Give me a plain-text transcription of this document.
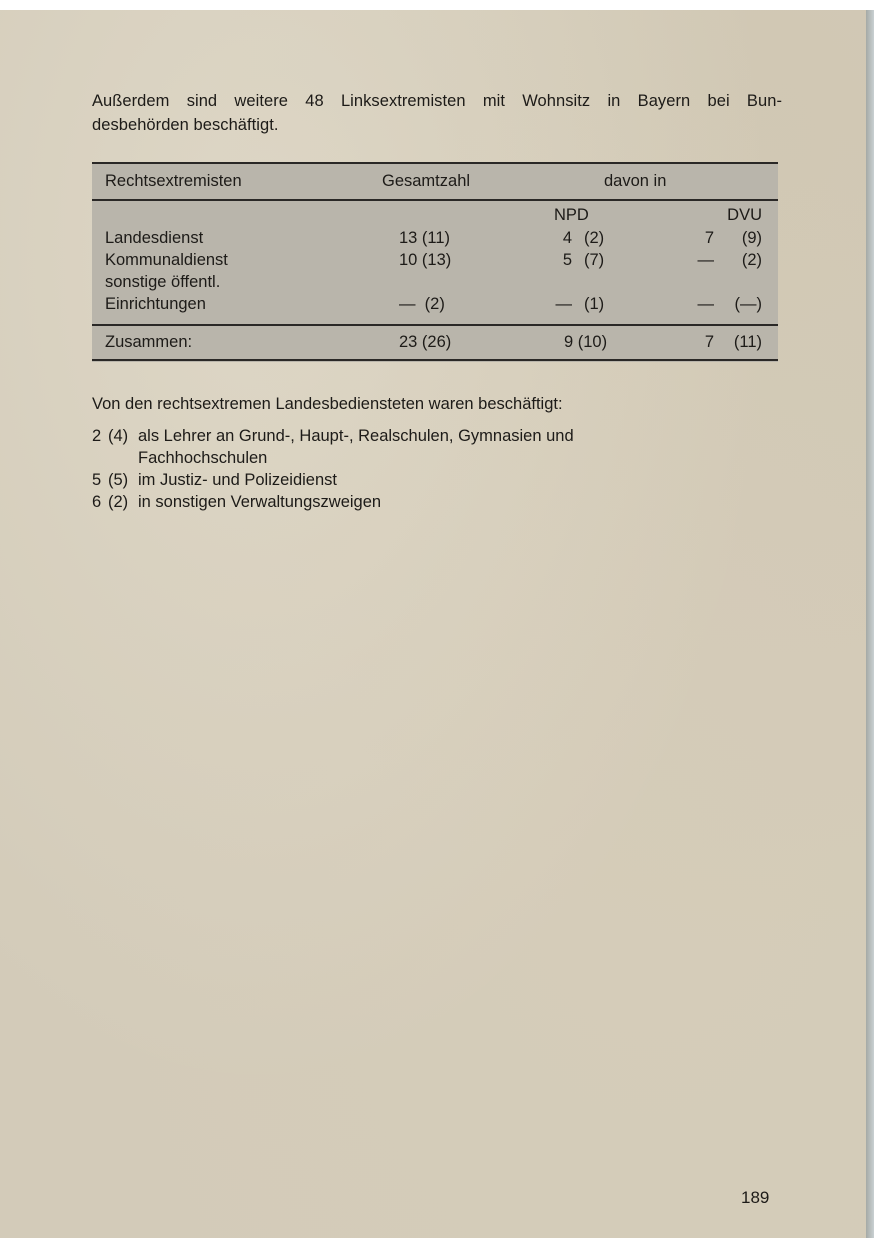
Außerdem sind weitere 48 Linksextremisten mit Wohnsitz in Bayern bei Bun-
desbehörden beschäftigt.
Rechtsextremisten	Gesamtzahl	davon in
NPD	DVU
Landesdienst	13 (11)	4 (2)	7	(9)
Kommunaldienst	10 (13)	5 (7)	—	(2)
sonstige öffentl.
Einrichtungen	—  (2)	— (1)	—	(—)
Zusammen:	23 (26)	9 (10)	7	(11)
Von den rechtsextremen Landesbediensteten waren beschäftigt:
2 (4) als Lehrer an Grund-, Haupt-, Realschulen, Gymnasien und
Fachhochschulen
5 (5) im Justiz- und Polizeidienst
6 (2) in sonstigen Verwaltungszweigen
189
